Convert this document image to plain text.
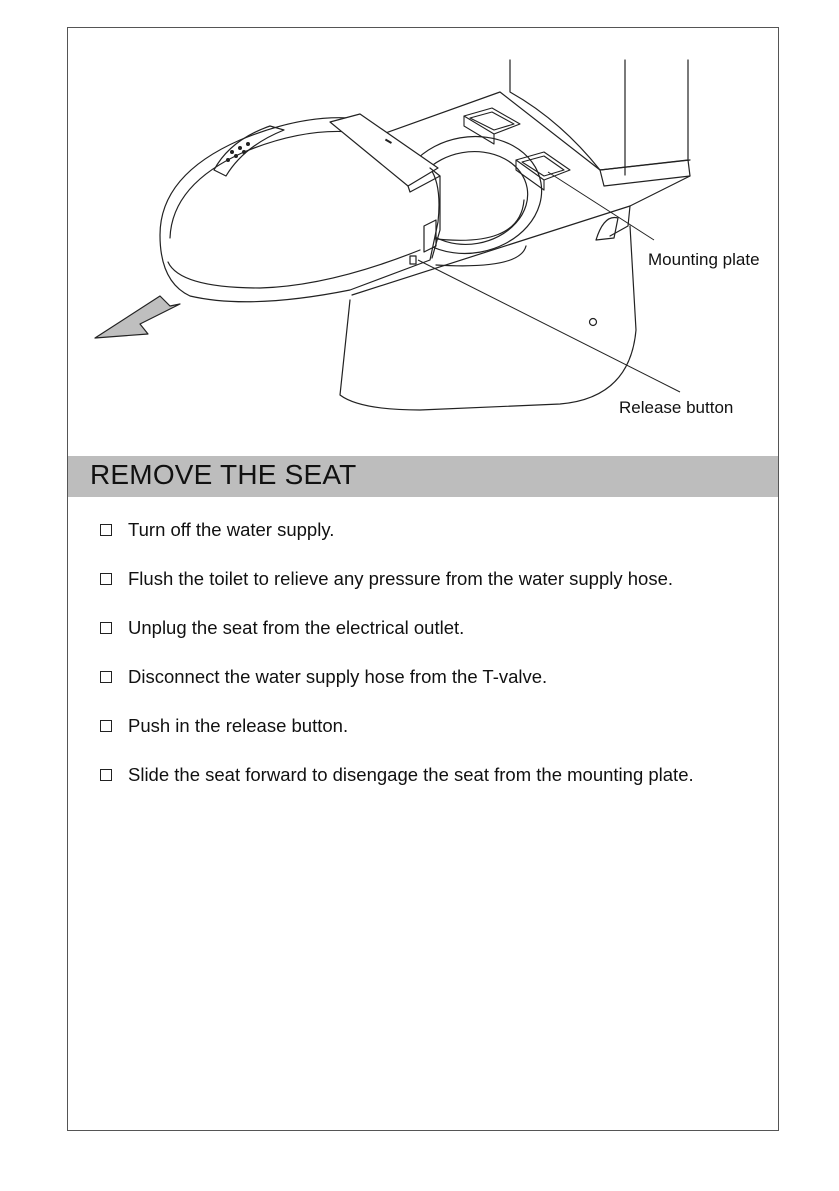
Mounting plate
Release button
REMOVE THE SEAT
Turn off the water supply.
Flush the toilet to relieve any pressure from the water supply hose.
Unplug the seat from the electrical outlet.
Disconnect the water supply hose from the T-valve.
Push in the release button.
Slide the seat forward to disengage the seat from the mounting plate.
